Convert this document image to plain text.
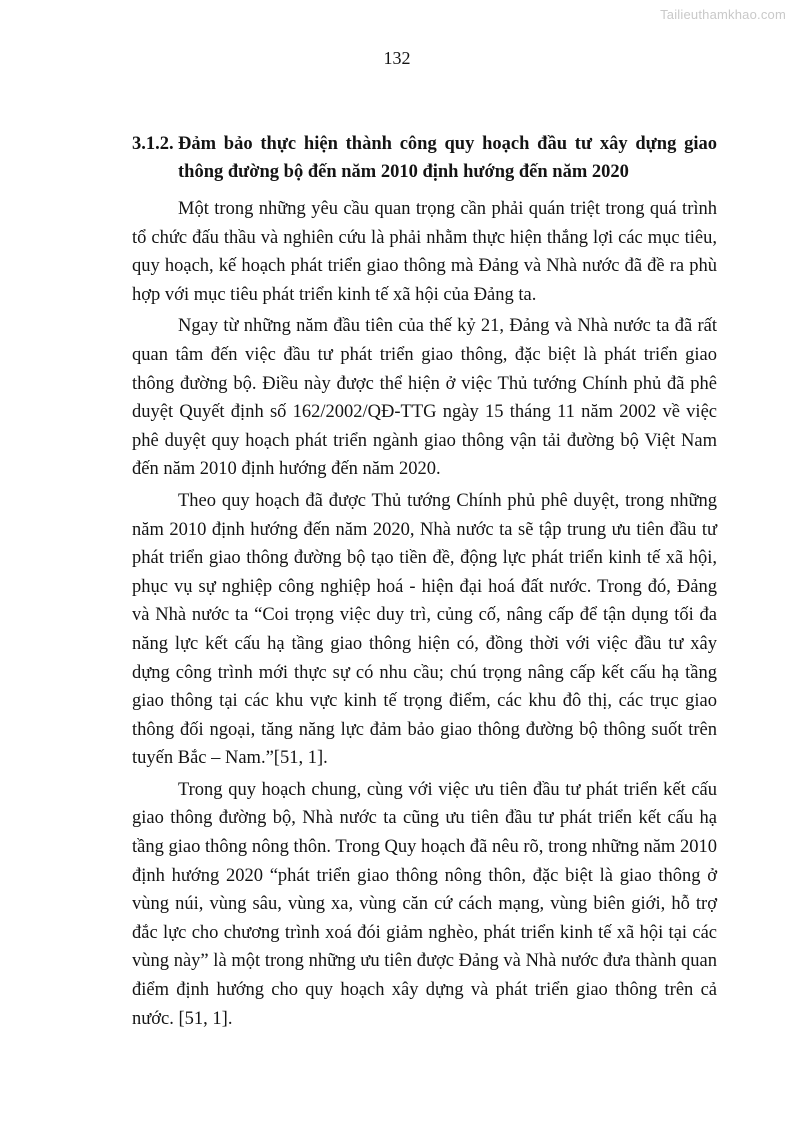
Tailieuthamkhao.com
132
3.1.2. Đảm bảo thực hiện thành công quy hoạch đầu tư xây dựng giao thông đường bộ đến năm 2010 định hướng đến năm 2020

Một trong những yêu cầu quan trọng cần phải quán triệt trong quá trình tổ chức đấu thầu và nghiên cứu là phải nhằm thực hiện thắng lợi các mục tiêu, quy hoạch, kế hoạch phát triển giao thông mà Đảng và Nhà nước đã đề ra phù hợp với mục tiêu phát triển kinh tế xã hội của Đảng ta.

Ngay từ những năm đầu tiên của thế kỷ 21, Đảng và Nhà nước ta đã rất quan tâm đến việc đầu tư phát triển giao thông, đặc biệt là phát triển giao thông đường bộ. Điều này được thể hiện ở việc Thủ tướng Chính phủ đã phê duyệt Quyết định số 162/2002/QĐ-TTG ngày 15 tháng 11 năm 2002 về việc phê duyệt quy hoạch phát triển ngành giao thông vận tải đường bộ Việt Nam đến năm 2010 định hướng đến năm 2020.

Theo quy hoạch đã được Thủ tướng Chính phủ phê duyệt, trong những năm 2010 định hướng đến năm 2020, Nhà nước ta sẽ tập trung ưu tiên đầu tư phát triển giao thông đường bộ tạo tiền đề, động lực phát triển kinh tế xã hội, phục vụ sự nghiệp công nghiệp hoá - hiện đại hoá đất nước. Trong đó, Đảng và Nhà nước ta “Coi trọng việc duy trì, củng cố, nâng cấp để tận dụng tối đa năng lực kết cấu hạ tầng giao thông hiện có, đồng thời với việc đầu tư xây dựng công trình mới thực sự có nhu cầu; chú trọng nâng cấp kết cấu hạ tầng giao thông tại các khu vực kinh tế trọng điểm, các khu đô thị, các trục giao thông đối ngoại, tăng năng lực đảm bảo giao thông đường bộ thông suốt trên tuyến Bắc – Nam.”[51, 1].

Trong quy hoạch chung, cùng với việc ưu tiên đầu tư phát triển kết cấu giao thông đường bộ, Nhà nước ta cũng ưu tiên đầu tư phát triển kết cấu hạ tầng giao thông nông thôn. Trong Quy hoạch đã nêu rõ, trong những năm 2010 định hướng 2020 “phát triển giao thông nông thôn, đặc biệt là giao thông ở vùng núi, vùng sâu, vùng xa, vùng căn cứ cách mạng, vùng biên giới, hỗ trợ đắc lực cho chương trình xoá đói giảm nghèo, phát triển kinh tế xã hội tại các vùng này” là một trong những ưu tiên được Đảng và Nhà nước đưa thành quan điểm định hướng cho quy hoạch xây dựng và phát triển giao thông trên cả nước. [51, 1].
